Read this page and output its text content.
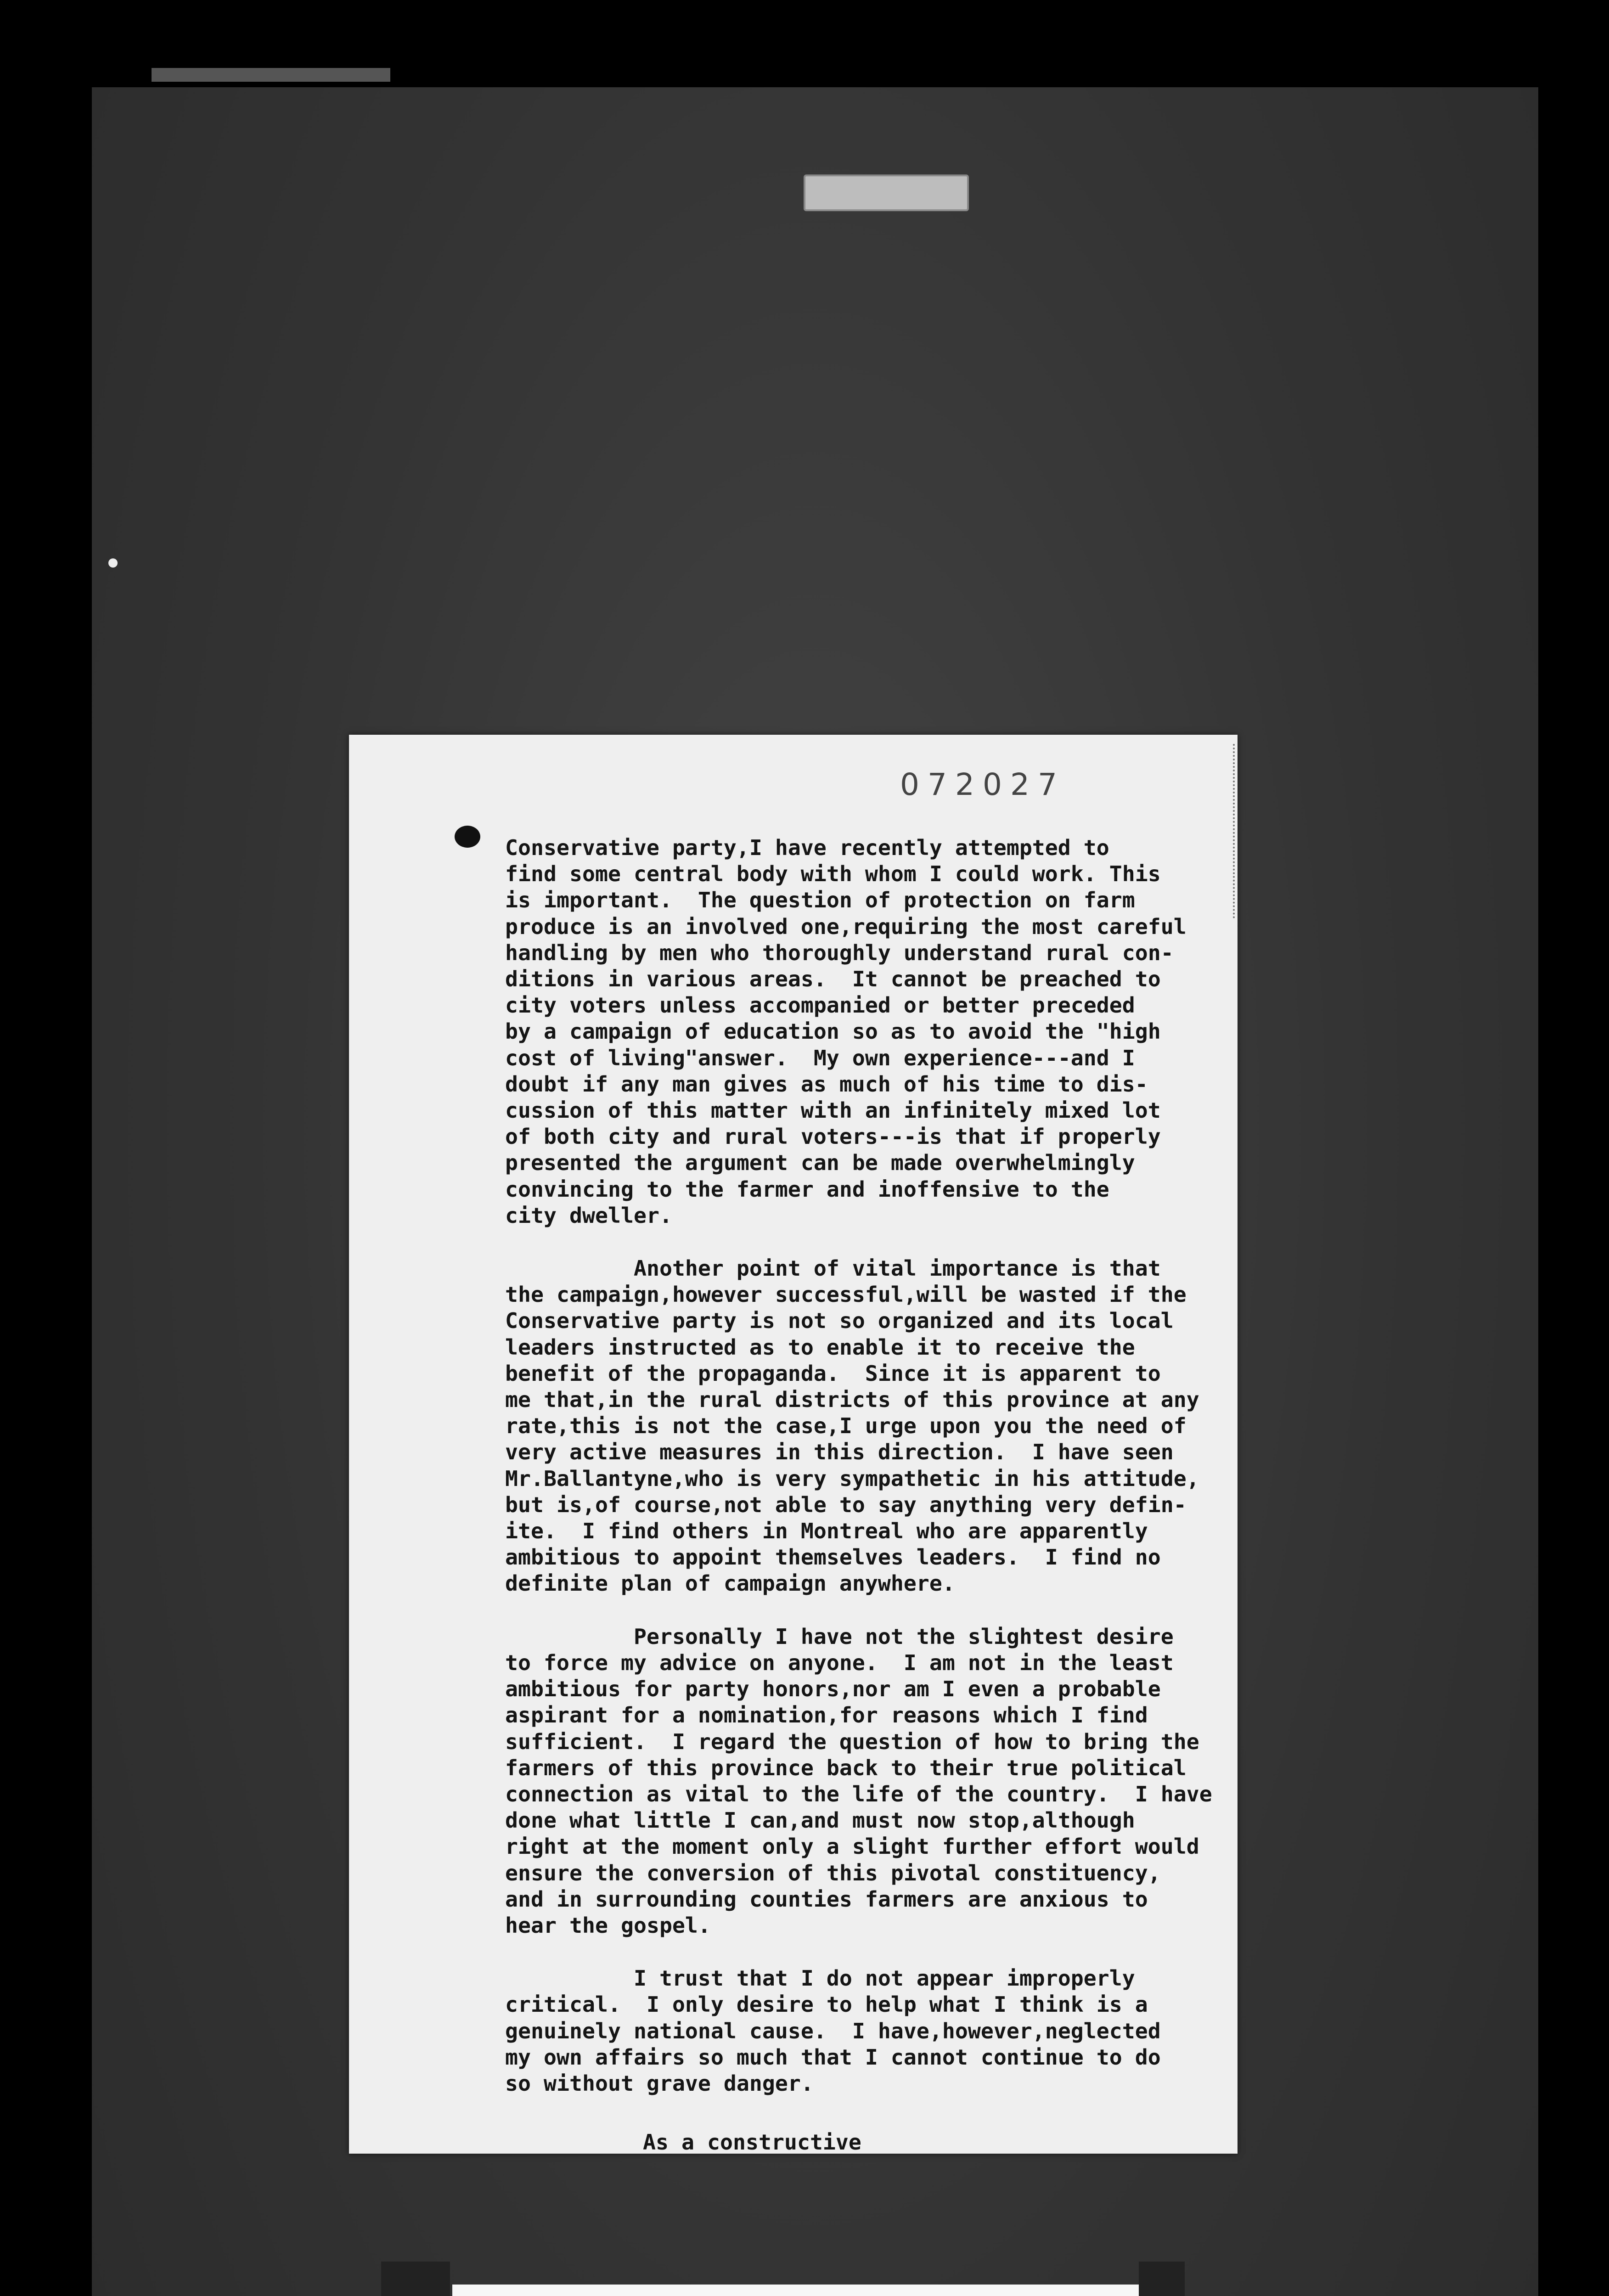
072027
Conservative party,I have recently attempted to
find some central body with whom I could work. This
is important.  The question of protection on farm
produce is an involved one,requiring the most careful
handling by men who thoroughly understand rural con-
ditions in various areas.  It cannot be preached to
city voters unless accompanied or better preceded
by a campaign of education so as to avoid the "high
cost of living"answer.  My own experience---and I
doubt if any man gives as much of his time to dis-
cussion of this matter with an infinitely mixed lot
of both city and rural voters---is that if properly
presented the argument can be made overwhelmingly
convincing to the farmer and inoffensive to the
city dweller.
Another point of vital importance is that
the campaign,however successful,will be wasted if the
Conservative party is not so organized and its local
leaders instructed as to enable it to receive the
benefit of the propaganda.  Since it is apparent to
me that,in the rural districts of this province at any
rate,this is not the case,I urge upon you the need of
very active measures in this direction.  I have seen
Mr.Ballantyne,who is very sympathetic in his attitude,
but is,of course,not able to say anything very defin-
ite.  I find others in Montreal who are apparently
ambitious to appoint themselves leaders.  I find no
definite plan of campaign anywhere.
Personally I have not the slightest desire
to force my advice on anyone.  I am not in the least
ambitious for party honors,nor am I even a probable
aspirant for a nomination,for reasons which I find
sufficient.  I regard the question of how to bring the
farmers of this province back to their true political
connection as vital to the life of the country.  I have
done what little I can,and must now stop,although
right at the moment only a slight further effort would
ensure the conversion of this pivotal constituency,
and in surrounding counties farmers are anxious to
hear the gospel.
I trust that I do not appear improperly
critical.  I only desire to help what I think is a
genuinely national cause.  I have,however,neglected
my own affairs so much that I cannot continue to do
so without grave danger.
As a constructive
